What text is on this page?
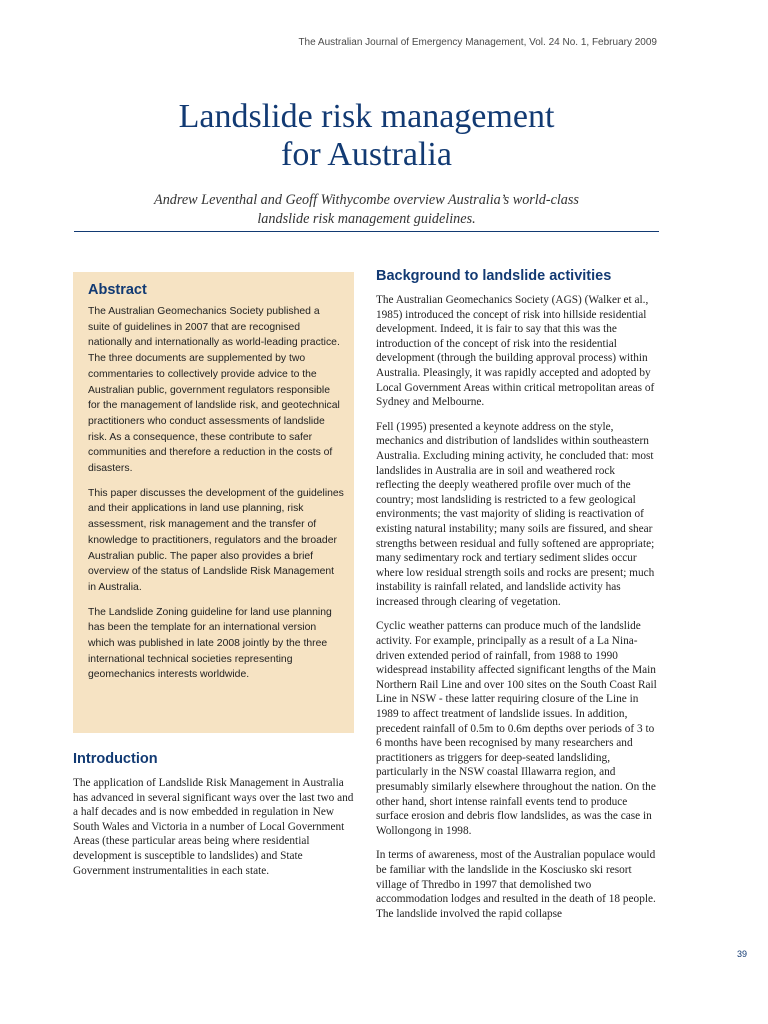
The Australian Journal of Emergency Management, Vol. 24 No. 1, February 2009
Landslide risk management
for Australia
Andrew Leventhal and Geoff Withycombe overview Australia’s world-class
landslide risk management guidelines.
Abstract

The Australian Geomechanics Society published a suite of guidelines in 2007 that are recognised nationally and internationally as world-leading practice. The three documents are supplemented by two commentaries to collectively provide advice to the Australian public, government regulators responsible for the management of landslide risk, and geotechnical practitioners who conduct assessments of landslide risk. As a consequence, these contribute to safer communities and therefore a reduction in the costs of disasters.

This paper discusses the development of the guidelines and their applications in land use planning, risk assessment, risk management and the transfer of knowledge to practitioners, regulators and the broader Australian public. The paper also provides a brief overview of the status of Landslide Risk Management in Australia.

The Landslide Zoning guideline for land use planning has been the template for an international version which was published in late 2008 jointly by the three international technical societies representing geomechanics interests worldwide.

Introduction

The application of Landslide Risk Management in Australia has advanced in several significant ways over the last two and a half decades and is now embedded in regulation in New South Wales and Victoria in a number of Local Government Areas (these particular areas being where residential development is susceptible to landslides) and State Government instrumentalities in each state.

Background to landslide activities

The Australian Geomechanics Society (AGS) (Walker et al., 1985) introduced the concept of risk into hillside residential development. Indeed, it is fair to say that this was the introduction of the concept of risk into the residential development (through the building approval process) within Australia. Pleasingly, it was rapidly accepted and adopted by Local Government Areas within critical metropolitan areas of Sydney and Melbourne.

Fell (1995) presented a keynote address on the style, mechanics and distribution of landslides within southeastern Australia. Excluding mining activity, he concluded that: most landslides in Australia are in soil and weathered rock reflecting the deeply weathered profile over much of the country; most landsliding is restricted to a few geological environments; the vast majority of sliding is reactivation of existing natural instability; many soils are fissured, and shear strengths between residual and fully softened are appropriate; many sedimentary rock and tertiary sediment slides occur where low residual strength soils and rocks are present; much instability is rainfall related, and landslide activity has increased through clearing of vegetation.

Cyclic weather patterns can produce much of the landslide activity. For example, principally as a result of a La Nina-driven extended period of rainfall, from 1988 to 1990 widespread instability affected significant lengths of the Main Northern Rail Line and over 100 sites on the South Coast Rail Line in NSW - these latter requiring closure of the Line in 1989 to affect treatment of landslide issues. In addition, precedent rainfall of 0.5m to 0.6m depths over periods of 3 to 6 months have been recognised by many researchers and practitioners as triggers for deep-seated landsliding, particularly in the NSW coastal Illawarra region, and presumably similarly elsewhere throughout the nation. On the other hand, short intense rainfall events tend to produce surface erosion and debris flow landslides, as was the case in Wollongong in 1998.

In terms of awareness, most of the Australian populace would be familiar with the landslide in the Kosciusko ski resort village of Thredbo in 1997 that demolished two accommodation lodges and resulted in the death of 18 people. The landslide involved the rapid collapse

39
